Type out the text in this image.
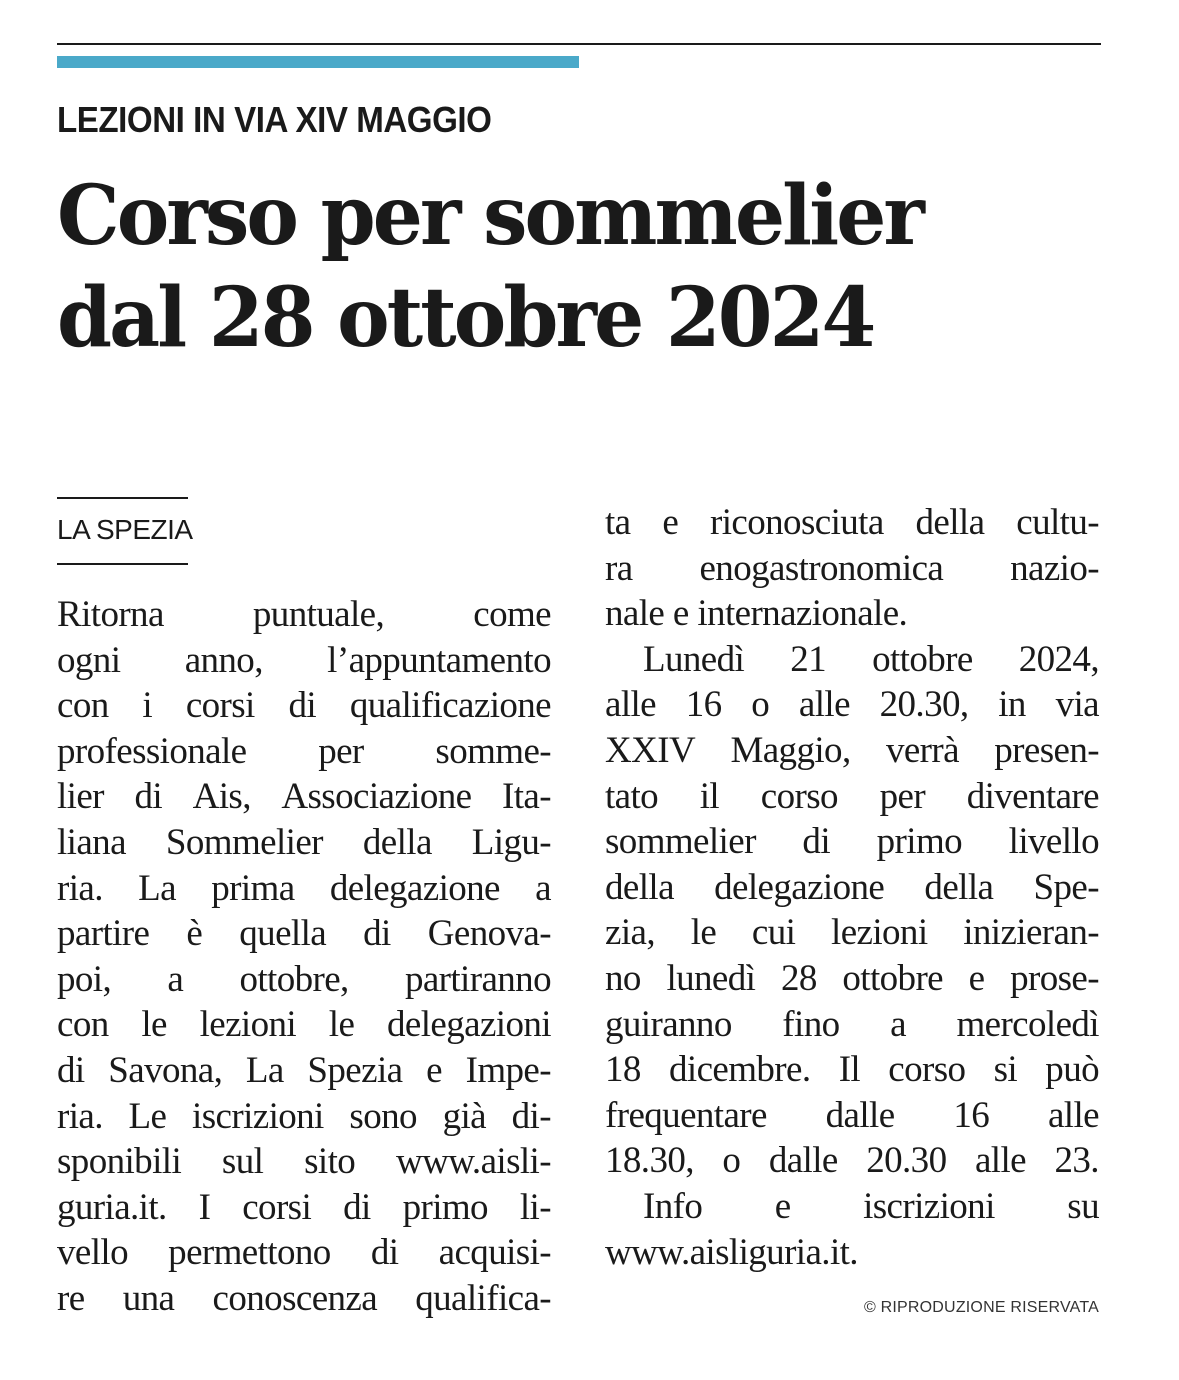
LEZIONI IN VIA XIV MAGGIO
Corso per sommelier
dal 28 ottobre 2024

LA SPEZIA

Ritorna puntuale, come
ogni anno, l’appuntamento
con i corsi di qualificazione
professionale per somme-
lier di Ais, Associazione Ita-
liana Sommelier della Ligu-
ria. La prima delegazione a
partire è quella di Genova-
poi, a ottobre, partiranno
con le lezioni le delegazioni
di Savona, La Spezia e Impe-
ria. Le iscrizioni sono già di-
sponibili sul sito www.aisli-
guria.it. I corsi di primo li-
vello permettono di acquisi-
re una conoscenza qualifica-
ta e riconosciuta della cultu-
ra enogastronomica nazio-
nale
e
internazionale.
Lunedì 21 ottobre 2024,
alle 16 o alle 20.30, in via
XXIV Maggio, verrà presen-
tato il corso per diventare
sommelier di primo livello
della delegazione della Spe-
zia, le cui lezioni inizieran-
no lunedì 28 ottobre e prose-
guiranno fino a mercoledì
18 dicembre. Il corso si può
frequentare dalle 16 alle
18.30, o dalle 20.30 alle 23.
Info e iscrizioni su
www.aisliguria.it.

© RIPRODUZIONE RISERVATA
